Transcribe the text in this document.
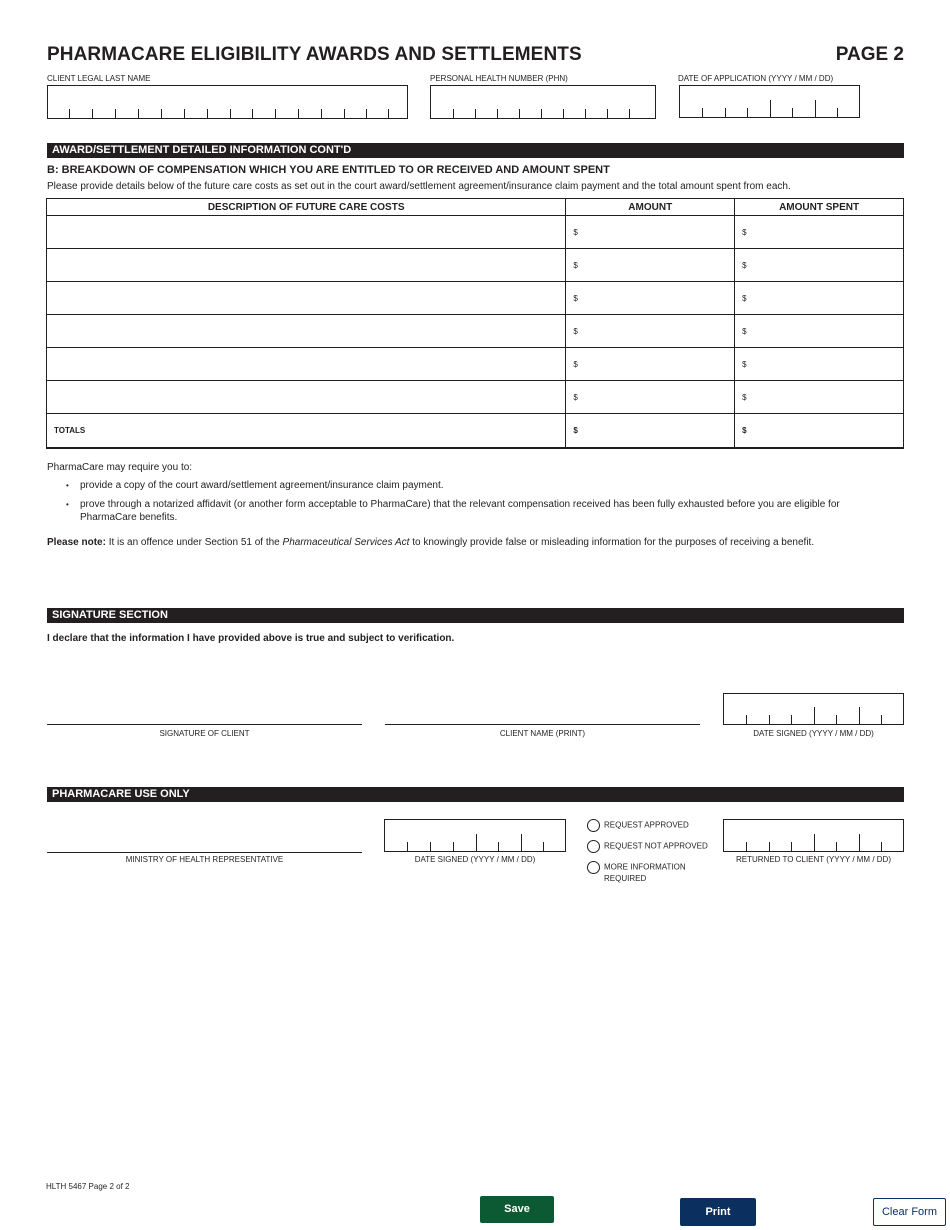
PHARMACARE ELIGIBILITY AWARDS AND SETTLEMENTS	PAGE 2
CLIENT LEGAL LAST NAME	PERSONAL HEALTH NUMBER (PHN)	DATE OF APPLICATION (YYYY / MM / DD)
AWARD/SETTLEMENT DETAILED INFORMATION CONT'D
B: BREAKDOWN OF COMPENSATION WHICH YOU ARE ENTITLED TO OR RECEIVED AND AMOUNT SPENT
Please provide details below of the future care costs as set out in the court award/settlement agreement/insurance claim payment and the total amount spent from each.
DESCRIPTION OF FUTURE CARE COSTS	AMOUNT	AMOUNT SPENT
	$	$
	$	$
	$	$
	$	$
	$	$
	$	$
TOTALS	$	$
PharmaCare may require you to:
• provide a copy of the court award/settlement agreement/insurance claim payment.
• prove through a notarized affidavit (or another form acceptable to PharmaCare) that the relevant compensation received has been fully exhausted before you are eligible for PharmaCare benefits.
Please note: It is an offence under Section 51 of the Pharmaceutical Services Act to knowingly provide false or misleading information for the purposes of receiving a benefit.
SIGNATURE SECTION
I declare that the information I have provided above is true and subject to verification.
SIGNATURE OF CLIENT	CLIENT NAME (PRINT)	DATE SIGNED (YYYY / MM / DD)
PHARMACARE USE ONLY
MINISTRY OF HEALTH REPRESENTATIVE	DATE SIGNED (YYYY / MM / DD)
REQUEST APPROVED
REQUEST NOT APPROVED
MORE INFORMATION
REQUIRED
RETURNED TO CLIENT (YYYY / MM / DD)
HLTH 5467 Page 2 of 2
Save	Print	Clear Form
